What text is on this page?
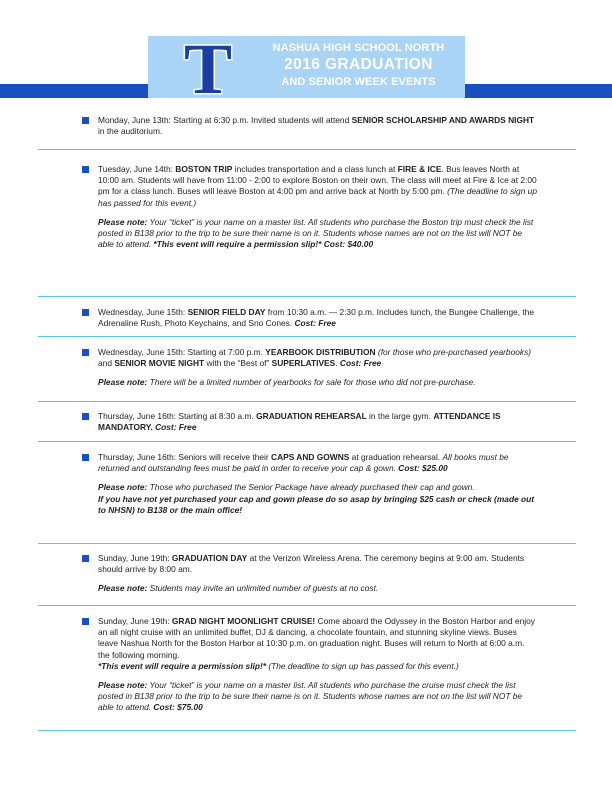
T	NASHUA HIGH SCHOOL NORTH
2016 GRADUATION
AND SENIOR WEEK EVENTS

Monday, June 13th: Starting at 6:30 p.m. Invited students will attend SENIOR SCHOLARSHIP AND AWARDS NIGHT in the auditorium.

Tuesday, June 14th: BOSTON TRIP includes transportation and a class lunch at FIRE & ICE. Bus leaves North at 10:00 am. Students will have from 11:00 - 2:00 to explore Boston on their own. The class will meet at Fire & Ice at 2:00 pm for a class lunch. Buses will leave Boston at 4:00 pm and arrive back at North by 5:00 pm. (The deadline to sign up has passed for this event.)

Please note: Your “ticket” is your name on a master list. All students who purchase the Boston trip must check the list posted in B138 prior to the trip to be sure their name is on it. Students whose names are not on the list will NOT be able to attend. *This event will require a permission slip!* Cost: $40.00

Wednesday, June 15th: SENIOR FIELD DAY from 10:30 a.m. — 2:30 p.m. Includes lunch, the Bungee Challenge, the Adrenaline Rush, Photo Keychains, and Sno Cones. Cost: Free

Wednesday, June 15th: Starting at 7:00 p.m. YEARBOOK DISTRIBUTION (for those who pre-purchased yearbooks) and SENIOR MOVIE NIGHT with the “Best of” SUPERLATIVES. Cost: Free

Please note: There will be a limited number of yearbooks for sale for those who did not pre-purchase.

Thursday, June 16th: Starting at 8:30 a.m. GRADUATION REHEARSAL in the large gym. ATTENDANCE IS MANDATORY. Cost: Free

Thursday, June 16th: Seniors will receive their CAPS AND GOWNS at graduation rehearsal. All books must be returned and outstanding fees must be paid in order to receive your cap & gown. Cost: $25.00

Please note: Those who purchased the Senior Package have already purchased their cap and gown.
If you have not yet purchased your cap and gown please do so asap by bringing $25 cash or check (made out to NHSN) to B138 or the main office!

Sunday, June 19th: GRADUATION DAY at the Verizon Wireless Arena. The ceremony begins at 9:00 am. Students should arrive by 8:00 am.

Please note: Students may invite an unlimited number of guests at no cost.

Sunday, June 19th: GRAD NIGHT MOONLIGHT CRUISE! Come aboard the Odyssey in the Boston Harbor and enjoy an all night cruise with an unlimited buffet, DJ & dancing, a chocolate fountain, and stunning skyline views. Buses leave Nashua North for the Boston Harbor at 10:30 p.m. on graduation night. Buses will return to North at 6:00 a.m. the following morning.
*This event will require a permission slip!* (The deadline to sign up has passed for this event.)

Please note: Your “ticket” is your name on a master list. All students who purchase the cruise must check the list posted in B138 prior to the trip to be sure their name is on it. Students whose names are not on the list will NOT be able to attend. Cost: $75.00
